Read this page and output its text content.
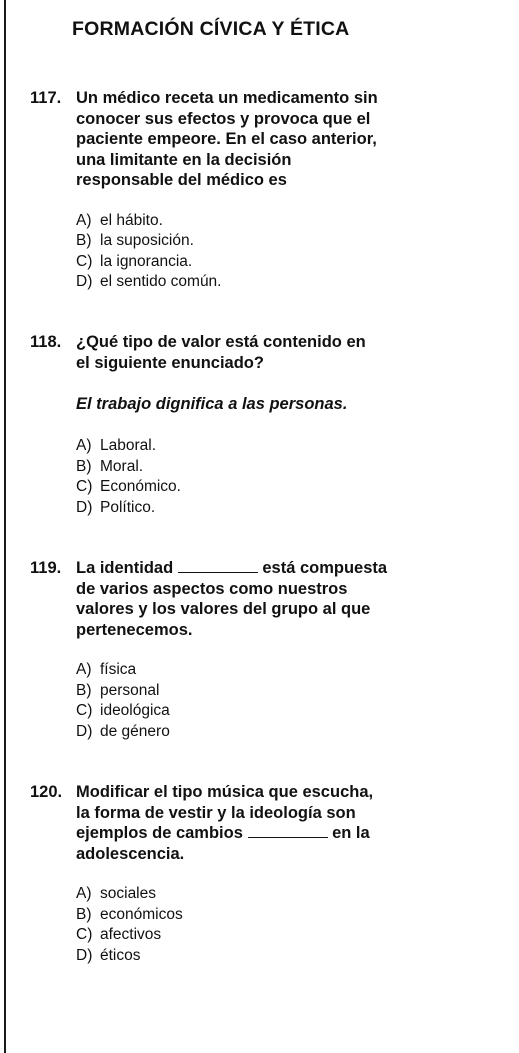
FORMACIÓN CÍVICA Y ÉTICA
117. Un médico receta un medicamento sin
conocer sus efectos y provoca que el
paciente empeore. En el caso anterior,
una limitante en la decisión
responsable del médico es
A) el hábito.
B) la suposición.
C) la ignorancia.
D) el sentido común.
118. ¿Qué tipo de valor está contenido en
el siguiente enunciado?
El trabajo dignifica a las personas.
A) Laboral.
B) Moral.
C) Económico.
D) Político.
119. La identidad	está compuesta
de varios aspectos como nuestros
valores y los valores del grupo al que
pertenecemos.
A) física
B) personal
C) ideológica
D) de género
120. Modificar el tipo música que escucha,
la forma de vestir y la ideología son
ejemplos de cambios	en la
adolescencia.
A) sociales
B) económicos
C) afectivos
D) éticos
